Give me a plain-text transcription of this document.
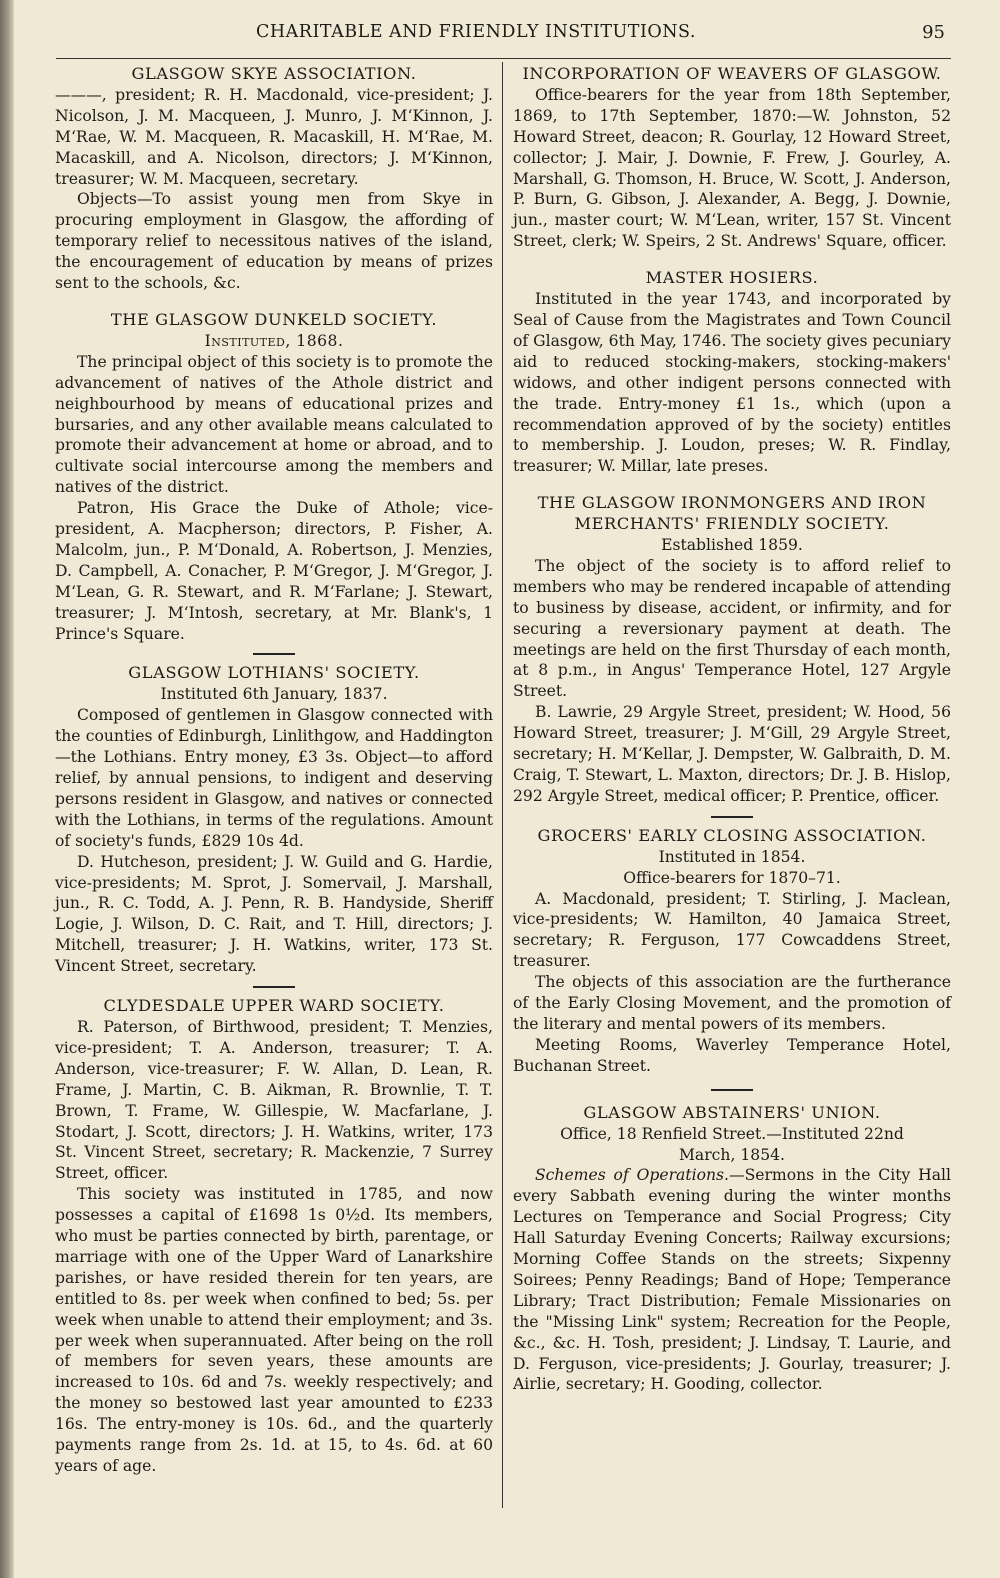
CHARITABLE AND FRIENDLY INSTITUTIONS.	95
GLASGOW SKYE ASSOCIATION.

———, president; R. H. Macdonald, vice-president; J. Nicolson, J. M. Macqueen, J. Munro, J. M‘Kinnon, J. M‘Rae, W. M. Macqueen, R. Macaskill, H. M‘Rae, M. Macaskill, and A. Nicolson, directors; J. M‘Kinnon, treasurer; W. M. Macqueen, secretary.

Objects—To assist young men from Skye in procuring employment in Glasgow, the affording of temporary relief to necessitous natives of the island, the encouragement of education by means of prizes sent to the schools, &c.

THE GLASGOW DUNKELD SOCIETY.
Instituted, 1868.

The principal object of this society is to promote the advancement of natives of the Athole district and neighbourhood by means of educational prizes and bursaries, and any other available means calculated to promote their advancement at home or abroad, and to cultivate social intercourse among the members and natives of the district.

Patron, His Grace the Duke of Athole; vice-president, A. Macpherson; directors, P. Fisher, A. Malcolm, jun., P. M‘Donald, A. Robertson, J. Menzies, D. Campbell, A. Conacher, P. M‘Gregor, J. M‘Gregor, J. M‘Lean, G. R. Stewart, and R. M‘Farlane; J. Stewart, treasurer; J. M‘Intosh, secretary, at Mr. Blank's, 1 Prince's Square.

GLASGOW LOTHIANS' SOCIETY.
Instituted 6th January, 1837.

Composed of gentlemen in Glasgow connected with the counties of Edinburgh, Linlithgow, and Haddington—the Lothians. Entry money, £3 3s. Object—to afford relief, by annual pensions, to indigent and deserving persons resident in Glasgow, and natives or connected with the Lothians, in terms of the regulations. Amount of society's funds, £829 10s 4d.

D. Hutcheson, president; J. W. Guild and G. Hardie, vice-presidents; M. Sprot, J. Somervail, J. Marshall, jun., R. C. Todd, A. J. Penn, R. B. Handyside, Sheriff Logie, J. Wilson, D. C. Rait, and T. Hill, directors; J. Mitchell, treasurer; J. H. Watkins, writer, 173 St. Vincent Street, secretary.

CLYDESDALE UPPER WARD SOCIETY.

R. Paterson, of Birthwood, president; T. Menzies, vice-president; T. A. Anderson, treasurer; T. A. Anderson, vice-treasurer; F. W. Allan, D. Lean, R. Frame, J. Martin, C. B. Aikman, R. Brownlie, T. T. Brown, T. Frame, W. Gillespie, W. Macfarlane, J. Stodart, J. Scott, directors; J. H. Watkins, writer, 173 St. Vincent Street, secretary; R. Mackenzie, 7 Surrey Street, officer.

This society was instituted in 1785, and now possesses a capital of £1698 1s 0½d. Its members, who must be parties connected by birth, parentage, or marriage with one of the Upper Ward of Lanarkshire parishes, or have resided therein for ten years, are entitled to 8s. per week when confined to bed; 5s. per week when unable to attend their employment; and 3s. per week when superannuated. After being on the roll of members for seven years, these amounts are increased to 10s. 6d and 7s. weekly respectively; and the money so bestowed last year amounted to £233 16s. The entry-money is 10s. 6d., and the quarterly payments range from 2s. 1d. at 15, to 4s. 6d. at 60 years of age.

INCORPORATION OF WEAVERS OF GLASGOW.

Office-bearers for the year from 18th September, 1869, to 17th September, 1870:—W. Johnston, 52 Howard Street, deacon; R. Gourlay, 12 Howard Street, collector; J. Mair, J. Downie, F. Frew, J. Gourley, A. Marshall, G. Thomson, H. Bruce, W. Scott, J. Anderson, P. Burn, G. Gibson, J. Alexander, A. Begg, J. Downie, jun., master court; W. M‘Lean, writer, 157 St. Vincent Street, clerk; W. Speirs, 2 St. Andrews' Square, officer.

MASTER HOSIERS.

Instituted in the year 1743, and incorporated by Seal of Cause from the Magistrates and Town Council of Glasgow, 6th May, 1746. The society gives pecuniary aid to reduced stocking-makers, stocking-makers' widows, and other indigent persons connected with the trade. Entry-money £1 1s., which (upon a recommendation approved of by the society) entitles to membership. J. Loudon, preses; W. R. Findlay, treasurer; W. Millar, late preses.

THE GLASGOW IRONMONGERS AND IRON MERCHANTS' FRIENDLY SOCIETY.
Established 1859.

The object of the society is to afford relief to members who may be rendered incapable of attending to business by disease, accident, or infirmity, and for securing a reversionary payment at death. The meetings are held on the first Thursday of each month, at 8 p.m., in Angus' Temperance Hotel, 127 Argyle Street.

B. Lawrie, 29 Argyle Street, president; W. Hood, 56 Howard Street, treasurer; J. M‘Gill, 29 Argyle Street, secretary; H. M‘Kellar, J. Dempster, W. Galbraith, D. M. Craig, T. Stewart, L. Maxton, directors; Dr. J. B. Hislop, 292 Argyle Street, medical officer; P. Prentice, officer.

GROCERS' EARLY CLOSING ASSOCIATION.
Instituted in 1854.
Office-bearers for 1870–71.

A. Macdonald, president; T. Stirling, J. Maclean, vice-presidents; W. Hamilton, 40 Jamaica Street, secretary; R. Ferguson, 177 Cowcaddens Street, treasurer.

The objects of this association are the furtherance of the Early Closing Movement, and the promotion of the literary and mental powers of its members.

Meeting Rooms, Waverley Temperance Hotel, Buchanan Street.

GLASGOW ABSTAINERS' UNION.
Office, 18 Renfield Street.—Instituted 22nd March, 1854.

Schemes of Operations.—Sermons in the City Hall every Sabbath evening during the winter months Lectures on Temperance and Social Progress; City Hall Saturday Evening Concerts; Railway excursions; Morning Coffee Stands on the streets; Sixpenny Soirees; Penny Readings; Band of Hope; Temperance Library; Tract Distribution; Female Missionaries on the "Missing Link" system; Recreation for the People, &c., &c. H. Tosh, president; J. Lindsay, T. Laurie, and D. Ferguson, vice-presidents; J. Gourlay, treasurer; J. Airlie, secretary; H. Gooding, collector.
